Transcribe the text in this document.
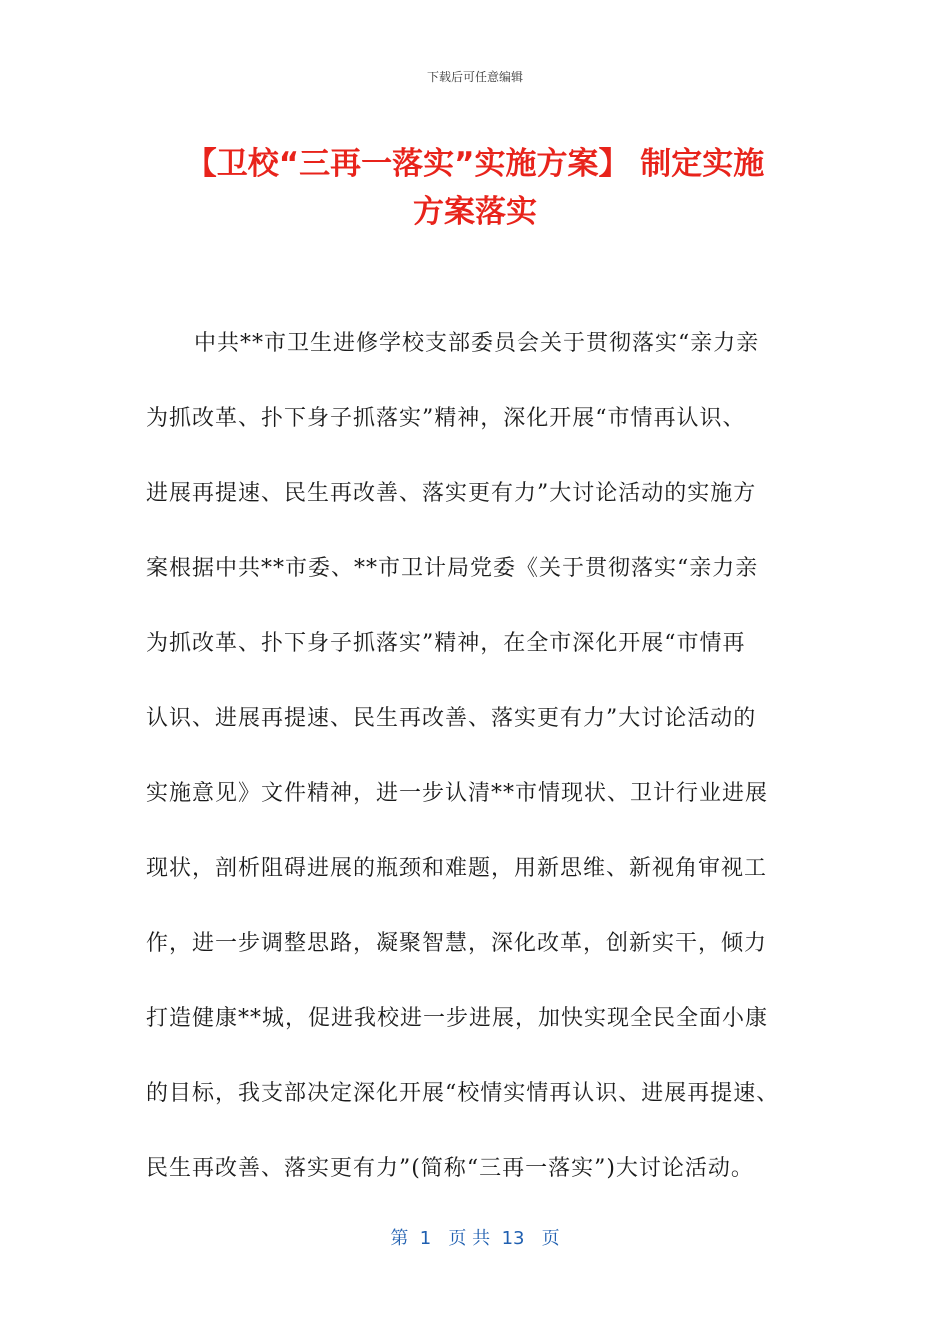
下载后可任意编辑
【卫校“三再一落实”实施方案】 制定实施
方案落实
中共**市卫生进修学校支部委员会关于贯彻落实“亲力亲
为抓改革、扑下身子抓落实”精神，深化开展“市情再认识、
进展再提速、民生再改善、落实更有力”大讨论活动的实施方
案根据中共**市委、**市卫计局党委《关于贯彻落实“亲力亲
为抓改革、扑下身子抓落实”精神，在全市深化开展“市情再
认识、进展再提速、民生再改善、落实更有力”大讨论活动的
实施意见》文件精神，进一步认清**市情现状、卫计行业进展
现状，剖析阻碍进展的瓶颈和难题，用新思维、新视角审视工
作，进一步调整思路，凝聚智慧，深化改革，创新实干，倾力
打造健康**城，促进我校进一步进展，加快实现全民全面小康
的目标，我支部决定深化开展“校情实情再认识、进展再提速、
民生再改善、落实更有力”(简称“三再一落实”)大讨论活动。
第  1   页 共  13   页
